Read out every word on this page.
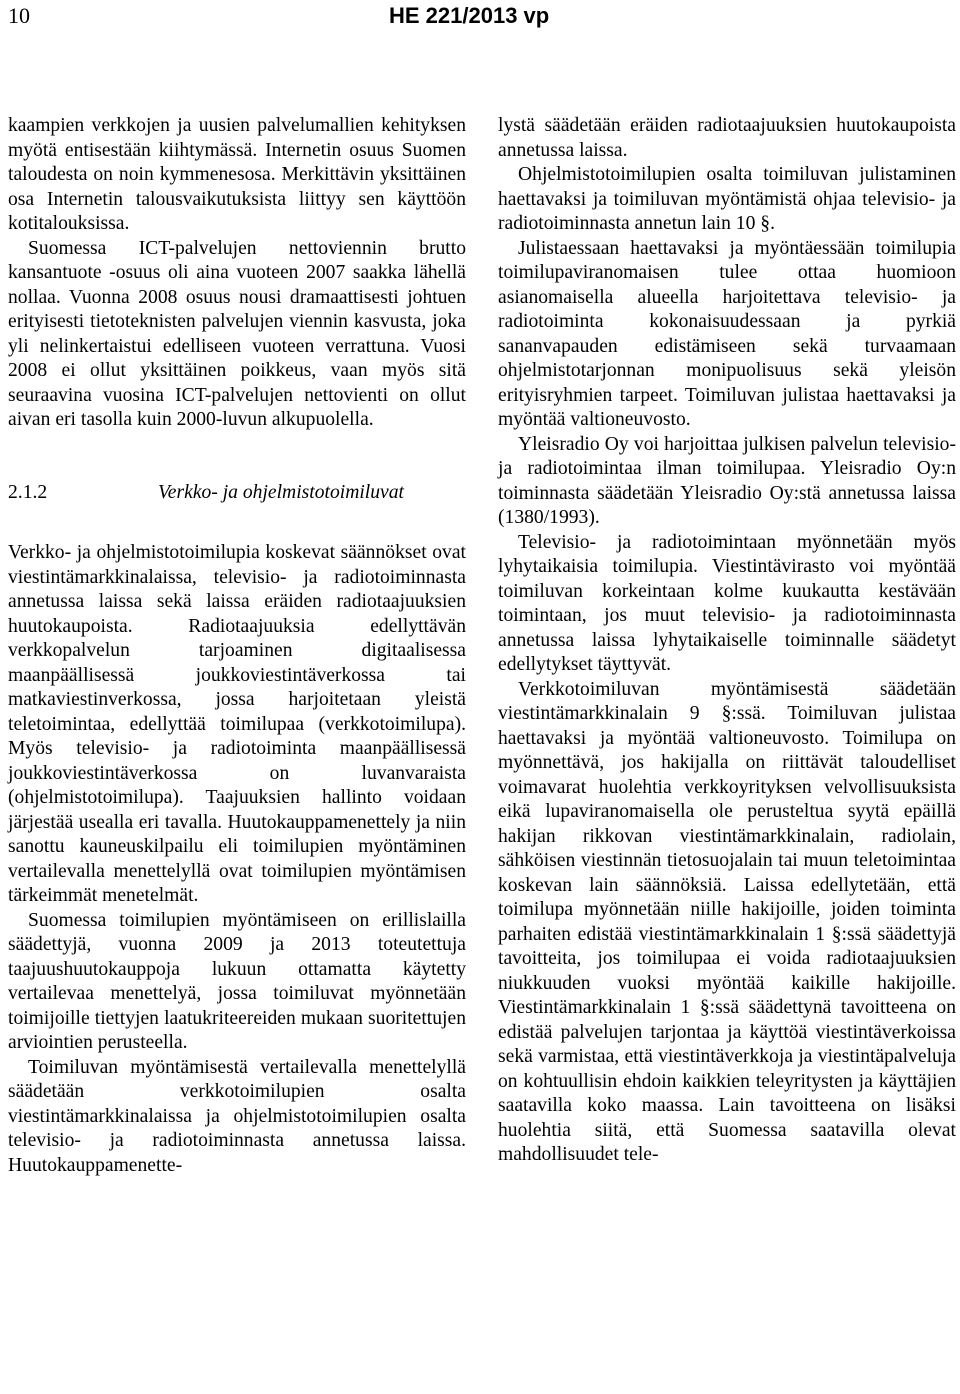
10	HE 221/2013 vp

kaampien verkkojen ja uusien palvelumallien kehityksen myötä entisestään kiihtymässä. Internetin osuus Suomen taloudesta on noin kymmenesosa. Merkittävin yksittäinen osa Internetin talousvaikutuksista liittyy sen käyttöön kotitalouksissa.

Suomessa ICT-palvelujen nettoviennin brutto kansantuote -osuus oli aina vuoteen 2007 saakka lähellä nollaa. Vuonna 2008 osuus nousi dramaattisesti johtuen erityisesti tietoteknisten palvelujen viennin kasvusta, joka yli nelinkertaistui edelliseen vuoteen verrattuna. Vuosi 2008 ei ollut yksittäinen poikkeus, vaan myös sitä seuraavina vuosina ICT-palvelujen nettovienti on ollut aivan eri tasolla kuin 2000-luvun alkupuolella.

2.1.2	Verkko- ja ohjelmistotoimiluvat

Verkko- ja ohjelmistotoimilupia koskevat säännökset ovat viestintämarkkinalaissa, televisio- ja radiotoiminnasta annetussa laissa sekä laissa eräiden radiotaajuuksien huutokaupoista. Radiotaajuuksia edellyttävän verkkopalvelun tarjoaminen digitaalisessa maanpäällisessä joukkoviestintäverkossa tai matkaviestinverkossa, jossa harjoitetaan yleistä teletoimintaa, edellyttää toimilupaa (verkkotoimilupa). Myös televisio- ja radiotoiminta maanpäällisessä joukkoviestintäverkossa on luvanvaraista (ohjelmistotoimilupa). Taajuuksien hallinto voidaan järjestää usealla eri tavalla. Huutokauppamenettely ja niin sanottu kauneuskilpailu eli toimilupien myöntäminen vertailevalla menettelyllä ovat toimilupien myöntämisen tärkeimmät menetelmät.

Suomessa toimilupien myöntämiseen on erillislailla säädettyjä, vuonna 2009 ja 2013 toteutettuja taajuushuutokauppoja lukuun ottamatta käytetty vertailevaa menettelyä, jossa toimiluvat myönnetään toimijoille tiettyjen laatukriteereiden mukaan suoritettujen arviointien perusteella.

Toimiluvan myöntämisestä vertailevalla menettelyllä säädetään verkkotoimilupien osalta viestintämarkkinalaissa ja ohjelmistotoimilupien osalta televisio- ja radiotoiminnasta annetussa laissa. Huutokauppamenette-

lystä säädetään eräiden radiotaajuuksien huutokaupoista annetussa laissa.

Ohjelmistotoimilupien osalta toimiluvan julistaminen haettavaksi ja toimiluvan myöntämistä ohjaa televisio- ja radiotoiminnasta annetun lain 10 §.

Julistaessaan haettavaksi ja myöntäessään toimilupia toimilupaviranomaisen tulee ottaa huomioon asianomaisella alueella harjoitettava televisio- ja radiotoiminta kokonaisuudessaan ja pyrkiä sananvapauden edistämiseen sekä turvaamaan ohjelmistotarjonnan monipuolisuus sekä yleisön erityisryhmien tarpeet. Toimiluvan julistaa haettavaksi ja myöntää valtioneuvosto.

Yleisradio Oy voi harjoittaa julkisen palvelun televisio- ja radiotoimintaa ilman toimilupaa. Yleisradio Oy:n toiminnasta säädetään Yleisradio Oy:stä annetussa laissa (1380/1993).

Televisio- ja radiotoimintaan myönnetään myös lyhytaikaisia toimilupia. Viestintävirasto voi myöntää toimiluvan korkeintaan kolme kuukautta kestävään toimintaan, jos muut televisio- ja radiotoiminnasta annetussa laissa lyhytaikaiselle toiminnalle säädetyt edellytykset täyttyvät.

Verkkotoimiluvan myöntämisestä säädetään viestintämarkkinalain 9 §:ssä. Toimiluvan julistaa haettavaksi ja myöntää valtioneuvosto. Toimilupa on myönnettävä, jos hakijalla on riittävät taloudelliset voimavarat huolehtia verkkoyrityksen velvollisuuksista eikä lupaviranomaisella ole perusteltua syytä epäillä hakijan rikkovan viestintämarkkinalain, radiolain, sähköisen viestinnän tietosuojalain tai muun teletoimintaa koskevan lain säännöksiä. Laissa edellytetään, että toimilupa myönnetään niille hakijoille, joiden toiminta parhaiten edistää viestintämarkkinalain 1 §:ssä säädettyjä tavoitteita, jos toimilupaa ei voida radiotaajuuksien niukkuuden vuoksi myöntää kaikille hakijoille. Viestintämarkkinalain 1 §:ssä säädettynä tavoitteena on edistää palvelujen tarjontaa ja käyttöä viestintäverkoissa sekä varmistaa, että viestintäverkkoja ja viestintäpalveluja on kohtuullisin ehdoin kaikkien teleyritysten ja käyttäjien saatavilla koko maassa. Lain tavoitteena on lisäksi huolehtia siitä, että Suomessa saatavilla olevat mahdollisuudet tele-
